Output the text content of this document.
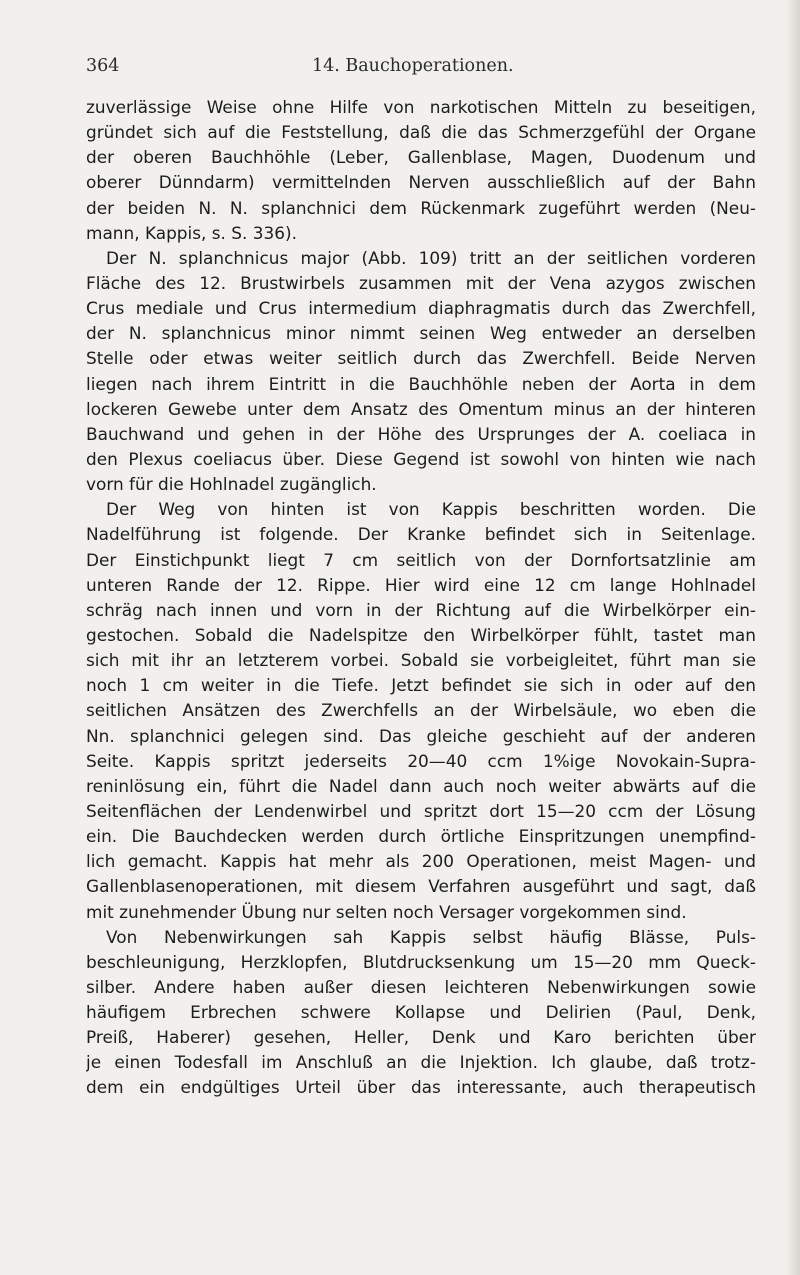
364	14. Bauchoperationen.
zuverlässige Weise ohne Hilfe von narkotischen Mitteln zu beseitigen,
gründet sich auf die Feststellung, daß die das Schmerzgefühl der Organe
der oberen Bauchhöhle (Leber, Gallenblase, Magen, Duodenum und
oberer Dünndarm) vermittelnden Nerven ausschließlich auf der Bahn
der beiden N. N. splanchnici dem Rückenmark zugeführt werden (Neu-
mann, Kappis, s. S. 336).
Der N. splanchnicus major (Abb. 109) tritt an der seitlichen vorderen
Fläche des 12. Brustwirbels zusammen mit der Vena azygos zwischen
Crus mediale und Crus intermedium diaphragmatis durch das Zwerchfell,
der N. splanchnicus minor nimmt seinen Weg entweder an derselben
Stelle oder etwas weiter seitlich durch das Zwerchfell. Beide Nerven
liegen nach ihrem Eintritt in die Bauchhöhle neben der Aorta in dem
lockeren Gewebe unter dem Ansatz des Omentum minus an der hinteren
Bauchwand und gehen in der Höhe des Ursprunges der A. coeliaca in
den Plexus coeliacus über. Diese Gegend ist sowohl von hinten wie nach
vorn für die Hohlnadel zugänglich.
Der Weg von hinten ist von Kappis beschritten worden. Die
Nadelführung ist folgende. Der Kranke befindet sich in Seitenlage.
Der Einstichpunkt liegt 7 cm seitlich von der Dornfortsatzlinie am
unteren Rande der 12. Rippe. Hier wird eine 12 cm lange Hohlnadel
schräg nach innen und vorn in der Richtung auf die Wirbelkörper ein-
gestochen. Sobald die Nadelspitze den Wirbelkörper fühlt, tastet man
sich mit ihr an letzterem vorbei. Sobald sie vorbeigleitet, führt man sie
noch 1 cm weiter in die Tiefe. Jetzt befindet sie sich in oder auf den
seitlichen Ansätzen des Zwerchfells an der Wirbelsäule, wo eben die
Nn. splanchnici gelegen sind. Das gleiche geschieht auf der anderen
Seite. Kappis spritzt jederseits 20—40 ccm 1%ige Novokain-Supra-
reninlösung ein, führt die Nadel dann auch noch weiter abwärts auf die
Seitenflächen der Lendenwirbel und spritzt dort 15—20 ccm der Lösung
ein. Die Bauchdecken werden durch örtliche Einspritzungen unempfind-
lich gemacht. Kappis hat mehr als 200 Operationen, meist Magen- und
Gallenblasenoperationen, mit diesem Verfahren ausgeführt und sagt, daß
mit zunehmender Übung nur selten noch Versager vorgekommen sind.
Von Nebenwirkungen sah Kappis selbst häufig Blässe, Puls-
beschleunigung, Herzklopfen, Blutdrucksenkung um 15—20 mm Queck-
silber. Andere haben außer diesen leichteren Nebenwirkungen sowie
häufigem Erbrechen schwere Kollapse und Delirien (Paul, Denk,
Preiß, Haberer) gesehen, Heller, Denk und Karo berichten über
je einen Todesfall im Anschluß an die Injektion. Ich glaube, daß trotz-
dem ein endgültiges Urteil über das interessante, auch therapeutisch
